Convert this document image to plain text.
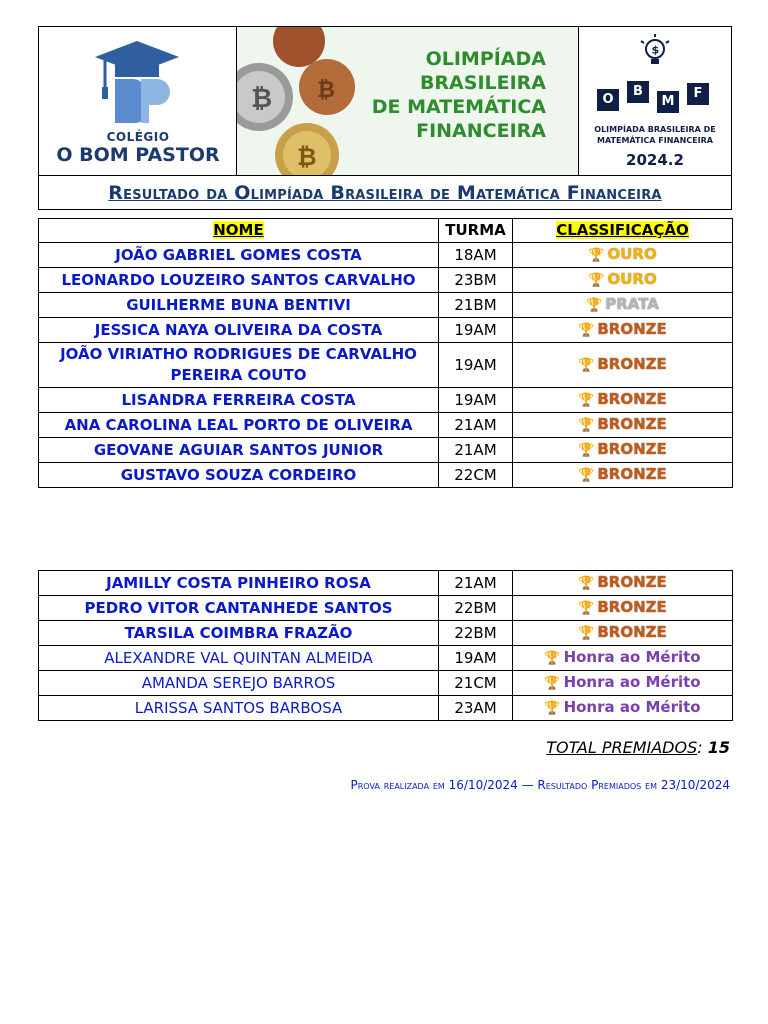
COLÉGIO
O BOM PASTOR
₿ ₿
₿
OLIMPÍADA
BRASILEIRA
DE MATEMÁTICA
FINANCEIRA
$
O
B
M
F
OLIMPÍADA BRASILEIRA DE
MATEMÁTICA FINANCEIRA
2024.2
Resultado da Olimpíada Brasileira de Matemática Financeira
NOME	TURMA	CLASSIFICAÇÃO
JOÃO GABRIEL GOMES COSTA	18AM	🏆 OURO
LEONARDO LOUZEIRO SANTOS CARVALHO	23BM	🏆 OURO
GUILHERME BUNA BENTIVI	21BM	🏆 PRATA
JESSICA NAYA OLIVEIRA DA COSTA	19AM	🏆 BRONZE
JOÃO VIRIATHO RODRIGUES DE CARVALHO PEREIRA COUTO	19AM	🏆 BRONZE
LISANDRA FERREIRA COSTA	19AM	🏆 BRONZE
ANA CAROLINA LEAL PORTO DE OLIVEIRA	21AM	🏆 BRONZE
GEOVANE AGUIAR SANTOS JUNIOR	21AM	🏆 BRONZE
GUSTAVO SOUZA CORDEIRO	22CM	🏆 BRONZE
JAMILLY COSTA PINHEIRO ROSA	21AM	🏆 BRONZE
PEDRO VITOR CANTANHEDE SANTOS	22BM	🏆 BRONZE
TARSILA COIMBRA FRAZÃO	22BM	🏆 BRONZE
ALEXANDRE VAL QUINTAN ALMEIDA	19AM	🏆 Honra ao Mérito
AMANDA SEREJO BARROS	21CM	🏆 Honra ao Mérito
LARISSA SANTOS BARBOSA	23AM	🏆 Honra ao Mérito
TOTAL PREMIADOS: 15
Prova realizada em 16/10/2024 — Resultado Premiados em 23/10/2024
